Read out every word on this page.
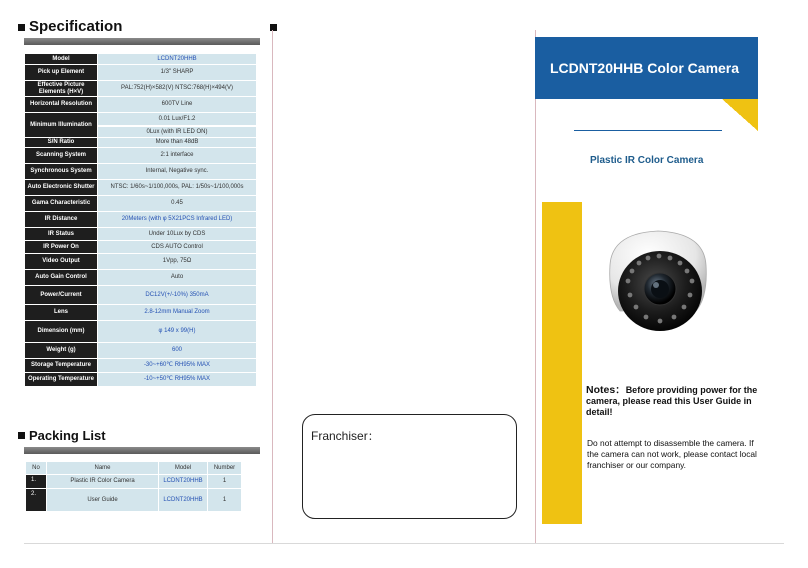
Specification
Model	LCDNT20HHB
Pick up Element	1/3" SHARP
Effective Picture Elements (H×V)	PAL:752(H)×582(V) NTSC:768(H)×494(V)
Horizontal Resolution	600TV Line
Minimum Illumination	0.01 Lux/F1.2
	0Lux (with IR LED ON)
S/N Ratio	More than 48dB
Scanning System	2:1 interface
Synchronous System	Internal, Negative sync.
Auto Electronic Shutter	NTSC: 1/60s~1/100,000s, PAL: 1/50s~1/100,000s
Gama Characteristic	0.45
IR Distance	20Meters (with φ 5X21PCS Infrared LED)
IR Status	Under 10Lux by CDS
IR Power On	CDS AUTO Control
Video Output	1Vpp, 75Ω
Auto Gain Control	Auto
Power/Current	DC12V(+/-10%) 350mA
Lens	2.8-12mm Manual Zoom
Dimension (mm)	φ 149 x 99(H)
Weight (g)	600
Storage Temperature	-30~+60℃ RH95% MAX
Operating Temperature	-10~+50℃ RH95% MAX
Packing List
No	Name	Model	Number
1.	Plastic IR Color Camera	LCDNT20HHB	1
2.	User Guide	LCDNT20HHB	1
Franchiser：
LCDNT20HHB Color Camera
Plastic IR Color Camera
Notes：Before providing power for the camera, please read this User Guide in detail!
Do not attempt to disassemble the camera. If the camera can not work, please contact local franchiser or our company.
